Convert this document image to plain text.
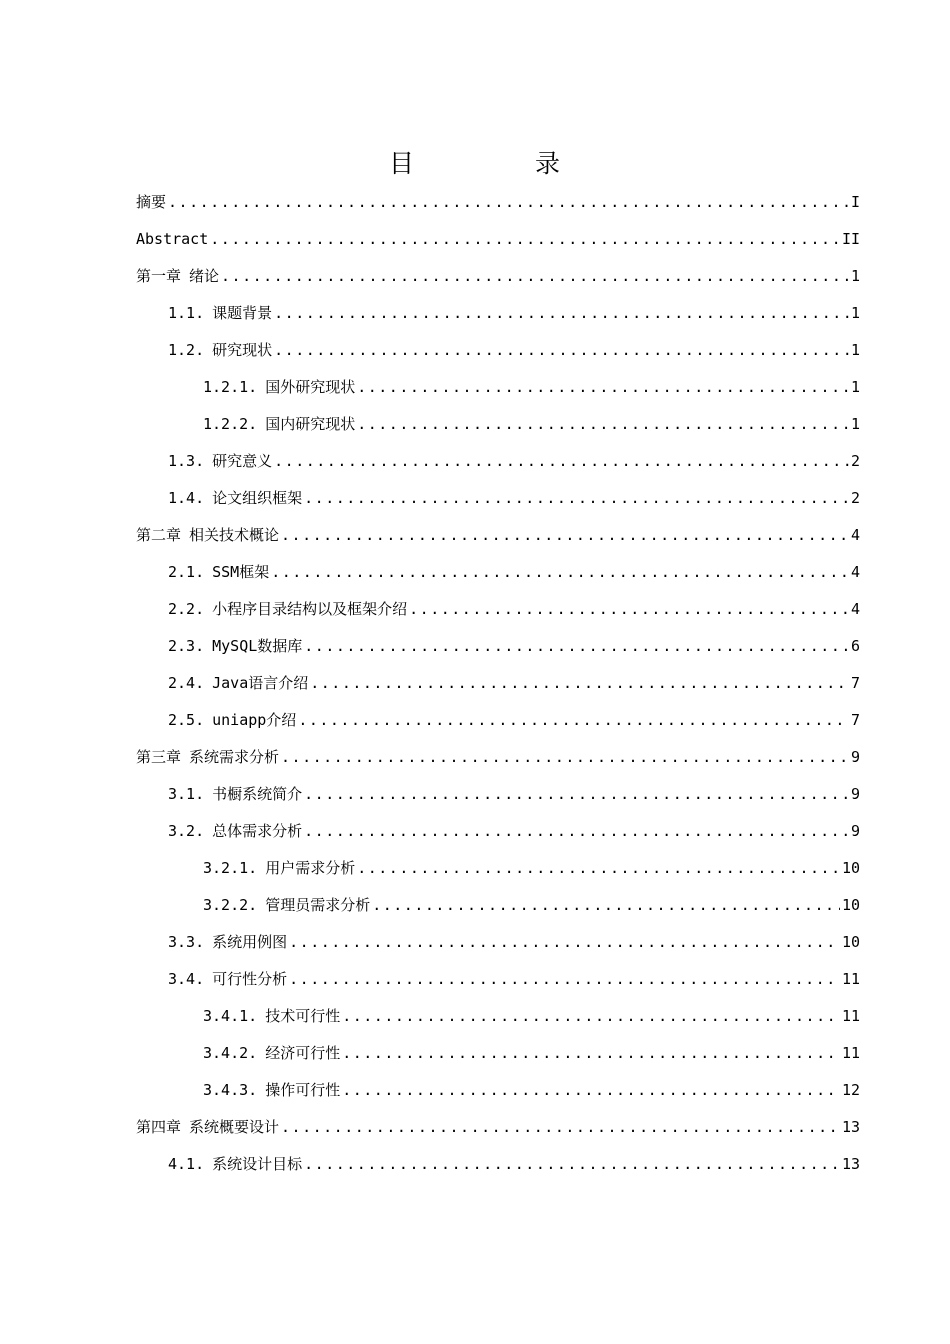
目　录
摘要 .....	I
Abstract .....	II
第一章 绪论 .....	1
1.1. 课题背景 .....	1
1.2. 研究现状 .....	1
1.2.1. 国外研究现状 .....	1
1.2.2. 国内研究现状 .....	1
1.3. 研究意义 .....	2
1.4. 论文组织框架 .....	2
第二章 相关技术概论 .....	4
2.1. SSM框架 .....	4
2.2. 小程序目录结构以及框架介绍 .....	4
2.3. MySQL数据库 .....	6
2.4. Java语言介绍 .....	7
2.5. uniapp介绍 .....	7
第三章 系统需求分析 .....	9
3.1. 书橱系统简介 .....	9
3.2. 总体需求分析 .....	9
3.2.1. 用户需求分析 .....	10
3.2.2. 管理员需求分析 .....	10
3.3. 系统用例图 .....	10
3.4. 可行性分析 .....	11
3.4.1. 技术可行性 .....	11
3.4.2. 经济可行性 .....	11
3.4.3. 操作可行性 .....	12
第四章 系统概要设计 .....	13
4.1. 系统设计目标 .....	13
